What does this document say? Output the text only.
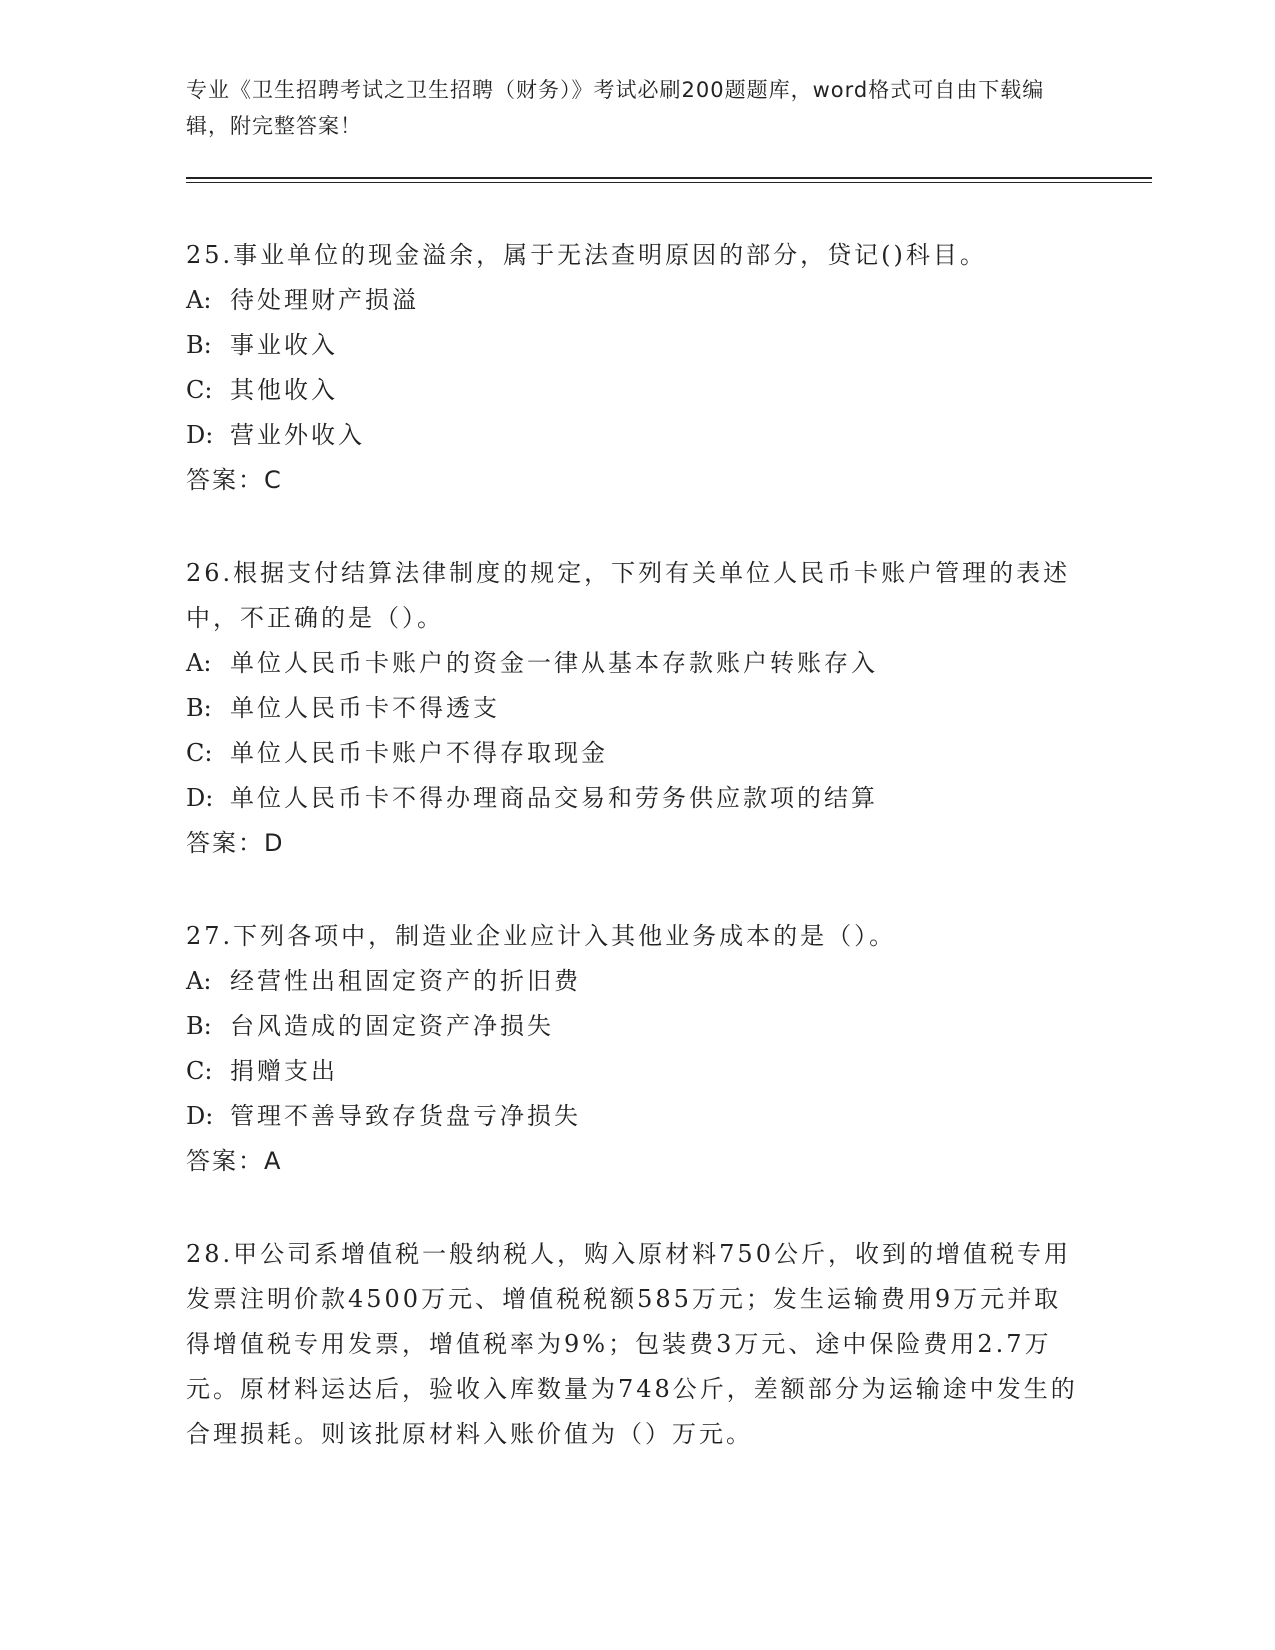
专业《卫生招聘考试之卫生招聘（财务）》考试必刷200题题库，word格式可自由下载编辑，附完整答案！

25.事业单位的现金溢余，属于无法查明原因的部分，贷记()科目。

A: 待处理财产损溢

B: 事业收入

C: 其他收入

D: 营业外收入

答案：C

26.根据支付结算法律制度的规定，下列有关单位人民币卡账户管理的表述中，不正确的是（）。

A: 单位人民币卡账户的资金一律从基本存款账户转账存入

B: 单位人民币卡不得透支

C: 单位人民币卡账户不得存取现金

D: 单位人民币卡不得办理商品交易和劳务供应款项的结算

答案：D

27.下列各项中，制造业企业应计入其他业务成本的是（）。

A: 经营性出租固定资产的折旧费

B: 台风造成的固定资产净损失

C: 捐赠支出

D: 管理不善导致存货盘亏净损失

答案：A

28.甲公司系增值税一般纳税人，购入原材料750公斤，收到的增值税专用发票注明价款4500万元、增值税税额585万元；发生运输费用9万元并取得增值税专用发票，增值税率为9%；包装费3万元、途中保险费用2.7万元。原材料运达后，验收入库数量为748公斤，差额部分为运输途中发生的合理损耗。则该批原材料入账价值为（）万元。
